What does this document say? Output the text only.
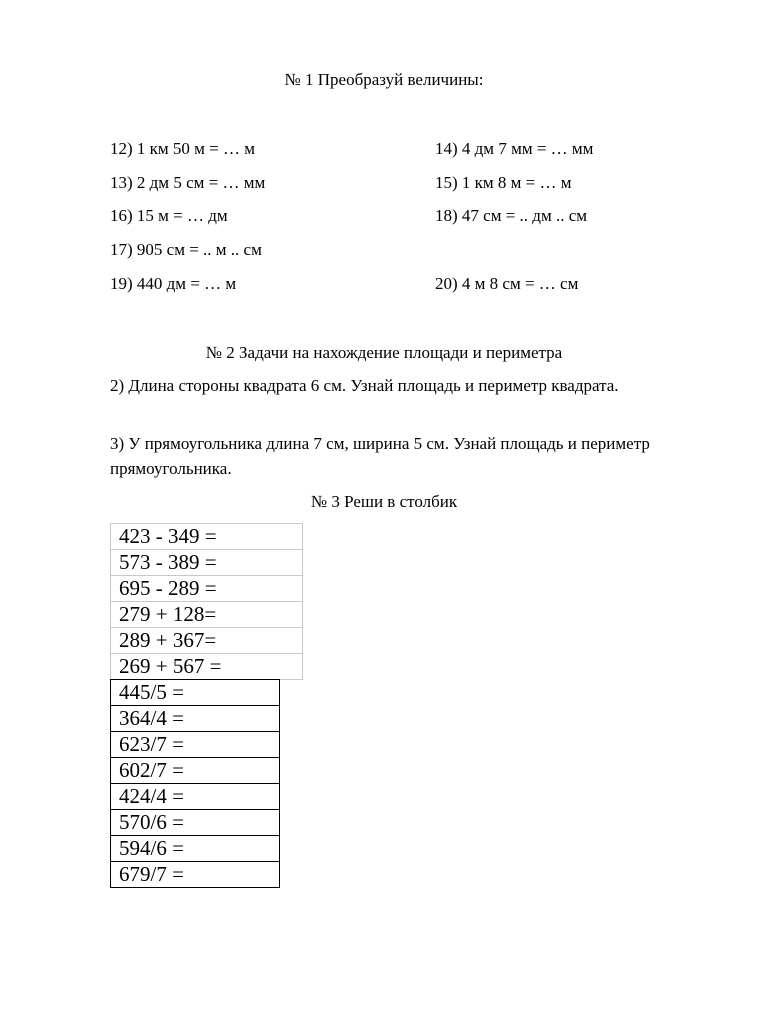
№ 1 Преобразуй величины:
12) 1 км 50 м = … м	14) 4 дм 7 мм = … мм
13) 2 дм 5 см = … мм	15) 1 км 8 м = … м
16) 15 м = … дм	18) 47 см = .. дм .. см
17) 905 см = .. м .. см
19) 440 дм = … м	20) 4 м 8 см = … см
№ 2 Задачи на нахождение площади и периметра
2) Длина стороны квадрата 6 см. Узнай площадь и периметр квадрата.
3) У прямоугольника длина 7 см, ширина 5 см. Узнай площадь и периметр прямоугольника.
№ 3 Реши в столбик
423 - 349 =
573 - 389 =
695 - 289 =
279 + 128=
289 + 367=
269 + 567 =
445/5 =
364/4 =
623/7 =
602/7 =
424/4 =
570/6 =
594/6 =
679/7 =
